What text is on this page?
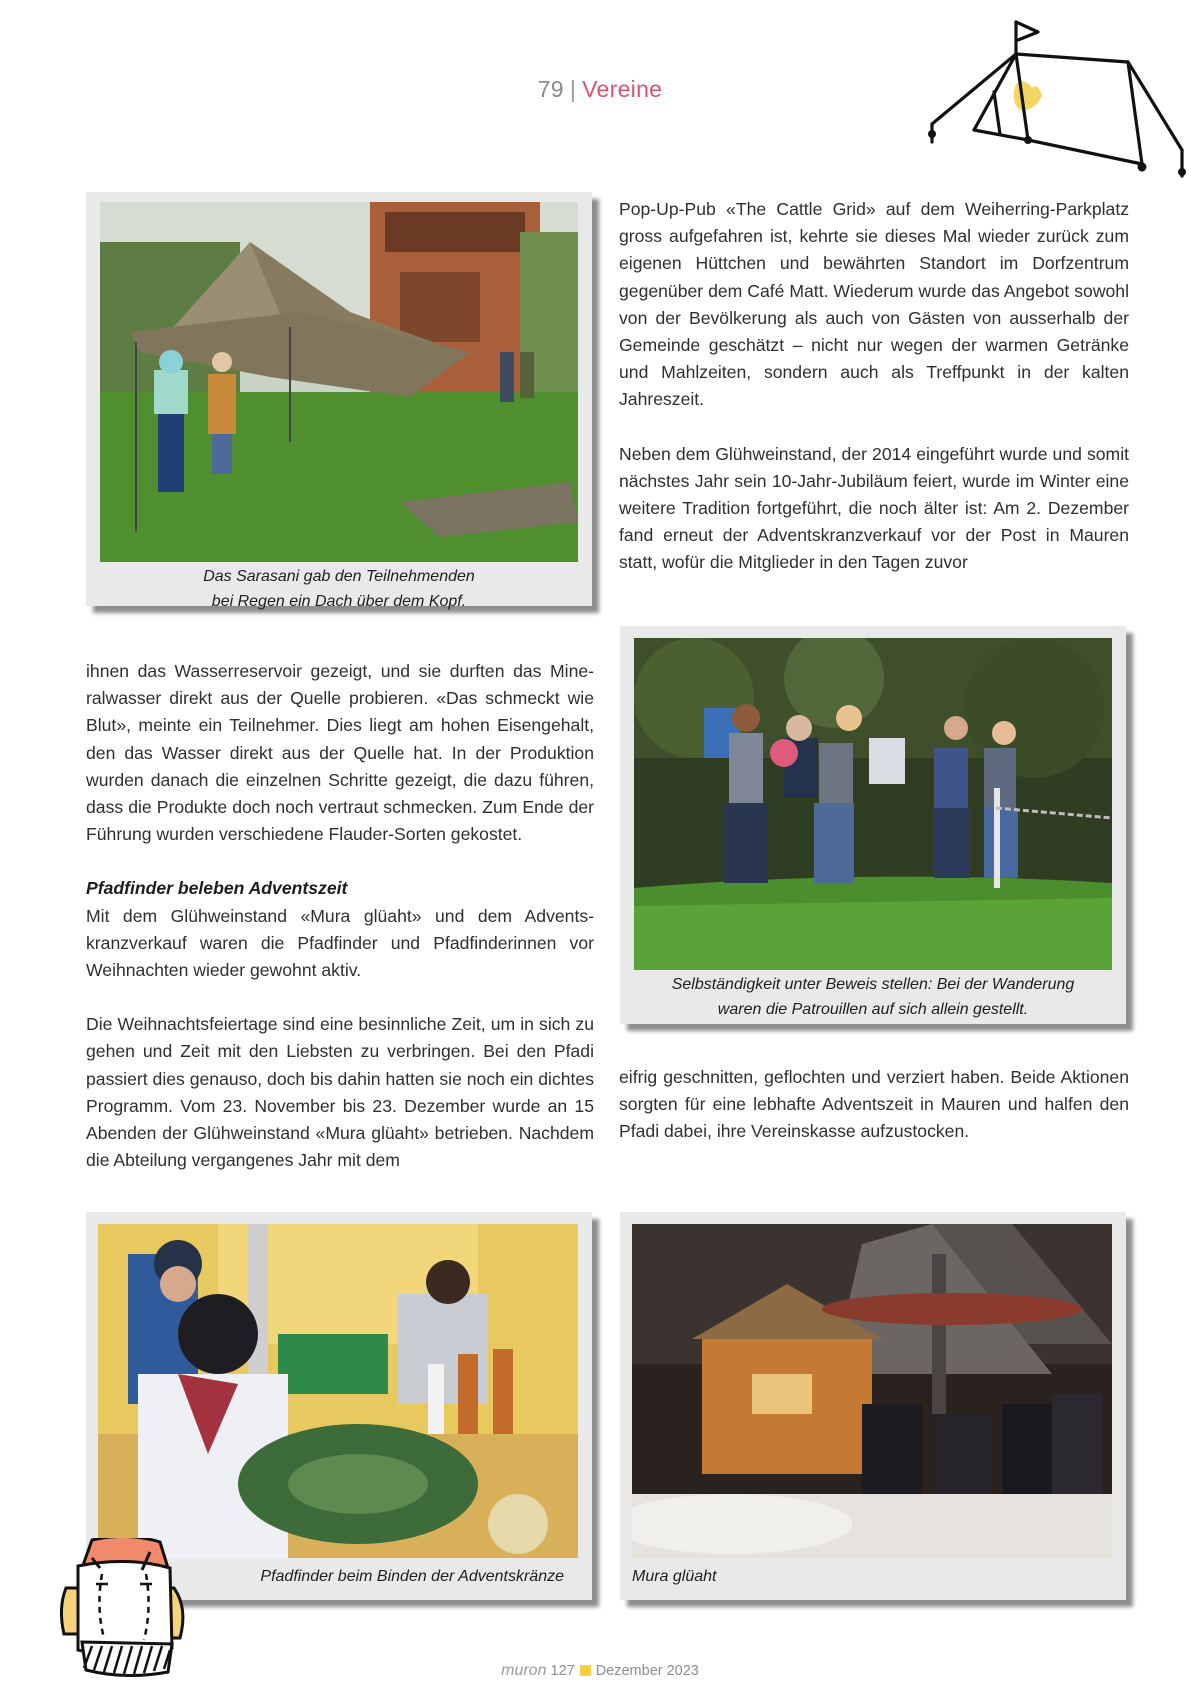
79 | Vereine
Das Sarasani gab den Teilnehmenden
bei Regen ein Dach über dem Kopf.

Pop-Up-Pub «The Cattle Grid» auf dem Weiherring-Parkplatz gross aufgefahren ist, kehrte sie dieses Mal wieder zurück zum eigenen Hüttchen und bewährten Standort im Dorfzentrum gegenüber dem Café Matt. Wiederum wurde das Angebot sowohl von der Bevölkerung als auch von Gästen von ausserhalb der Gemeinde geschätzt – nicht nur wegen der warmen Getränke und Mahlzeiten, sondern auch als Treffpunkt in der kalten Jahreszeit.

Neben dem Glühweinstand, der 2014 eingeführt wurde und somit nächstes Jahr sein 10-Jahr-Jubiläum feiert, wurde im Winter eine weitere Tradition fortgeführt, die noch älter ist: Am 2. Dezember fand erneut der Adventskranzverkauf vor der Post in Mauren statt, wofür die Mitglieder in den Tagen zuvor

Selbständigkeit unter Beweis stellen: Bei der Wanderung
waren die Patrouillen auf sich allein gestellt.

ihnen das Wasserreservoir gezeigt, und sie durften das Mineralwasser direkt aus der Quelle probieren. «Das schmeckt wie Blut», meinte ein Teilnehmer. Dies liegt am hohen Eisengehalt, den das Wasser direkt aus der Quelle hat. In der Produktion wurden danach die einzelnen Schritte gezeigt, die dazu führen, dass die Produkte doch noch vertraut schmecken. Zum Ende der Führung wurden verschiedene Flauder-Sorten gekostet.

Pfadfinder beleben Adventszeit
Mit dem Glühweinstand «Mura glüaht» und dem Adventskranzverkauf waren die Pfadfinder und Pfadfinderinnen vor Weihnachten wieder gewohnt aktiv.

Die Weihnachtsfeiertage sind eine besinnliche Zeit, um in sich zu gehen und Zeit mit den Liebsten zu verbringen. Bei den Pfadi passiert dies genauso, doch bis dahin hatten sie noch ein dichtes Programm. Vom 23. November bis 23. Dezember wurde an 15 Abenden der Glühweinstand «Mura glüaht» betrieben. Nachdem die Abteilung vergangenes Jahr mit dem

eifrig geschnitten, geflochten und verziert haben. Beide Aktionen sorgten für eine lebhafte Adventszeit in Mauren und halfen den Pfadi dabei, ihre Vereinskasse aufzustocken.

Pfadfinder beim Binden der Adventskränze	Mura glüaht
muron 127 Dezember 2023
